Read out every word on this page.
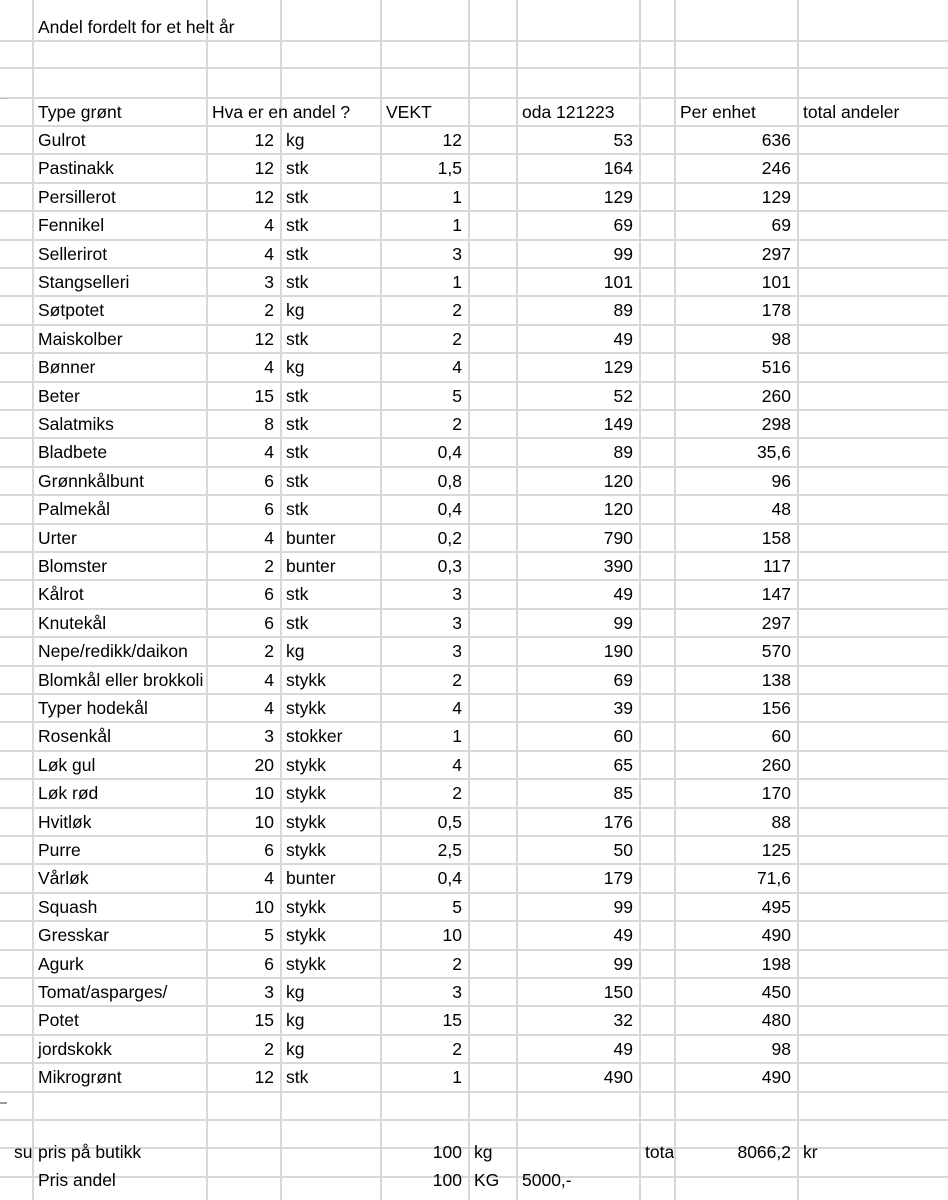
Andel fordelt for et helt år
Type grønt	Hva er en andel ?	VEKT	oda 121223	Per enhet	total andeler
Gulrot	12 kg	12	53	636
Pastinakk	12 stk	1,5	164	246
Persillerot	12 stk	1	129	129
Fennikel	4 stk	1	69	69
Sellerirot	4 stk	3	99	297
Stangselleri	3 stk	1	101	101
Søtpotet	2 kg	2	89	178
Maiskolber	12 stk	2	49	98
Bønner	4 kg	4	129	516
Beter	15 stk	5	52	260
Salatmiks	8 stk	2	149	298
Bladbete	4 stk	0,4	89	35,6
Grønnkålbunt	6 stk	0,8	120	96
Palmekål	6 stk	0,4	120	48
Urter	4 bunter	0,2	790	158
Blomster	2 bunter	0,3	390	117
Kålrot	6 stk	3	49	147
Knutekål	6 stk	3	99	297
Nepe/redikk/daikon	2 kg	3	190	570
Blomkål eller brokkoli	4 stykk	2	69	138
Typer hodekål	4 stykk	4	39	156
Rosenkål	3 stokker	1	60	60
Løk gul	20 stykk	4	65	260
Løk rød	10 stykk	2	85	170
Hvitløk	10 stykk	0,5	176	88
Purre	6 stykk	2,5	50	125
Vårløk	4 bunter	0,4	179	71,6
Squash	10 stykk	5	99	495
Gresskar	5 stykk	10	49	490
Agurk	6 stykk	2	99	198
Tomat/asparges/	3 kg	3	150	450
Potet	15 kg	15	32	480
jordskokk	2 kg	2	49	98
Mikrogrønt	12 stk	1	490	490
su pris på butikk	100 kg	tota	8066,2 kr
Pris andel	100 KG	5000,-
